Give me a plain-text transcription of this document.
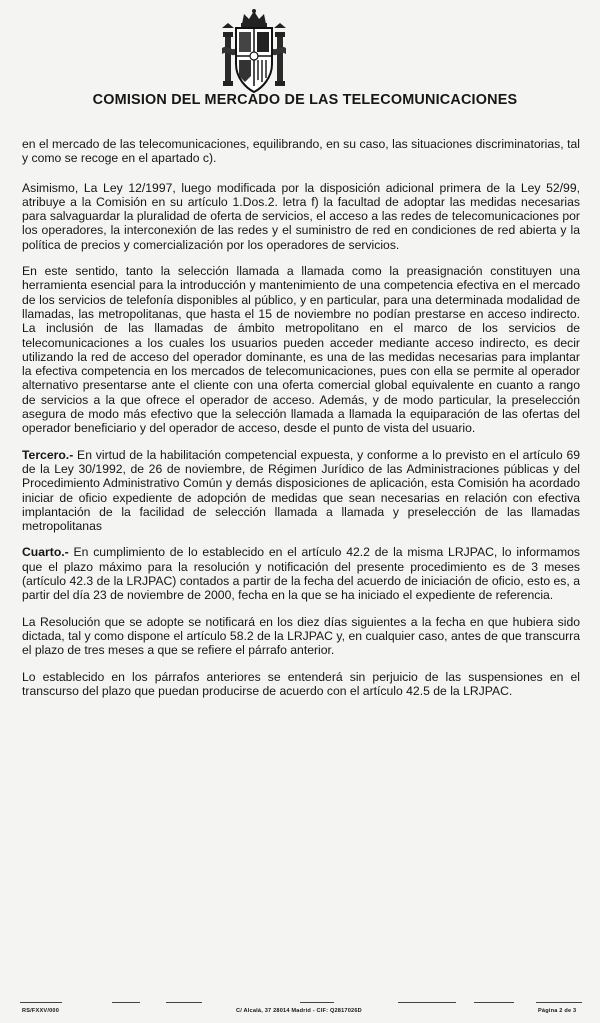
COMISION DEL MERCADO DE LAS TELECOMUNICACIONES

en el mercado de las telecomunicaciones, equilibrando, en su caso, las situaciones discriminatorias, tal y como se recoge en el apartado c).

Asimismo, La Ley 12/1997, luego modificada por la disposición adicional primera de la Ley 52/99, atribuye a la Comisión en su artículo 1.Dos.2. letra f) la facultad de adoptar las medidas necesarias para salvaguardar la pluralidad de oferta de servicios, el acceso a las redes de telecomunicaciones por los operadores, la interconexión de las redes y el suministro de red en condiciones de red abierta y la política de precios y comercialización por los operadores de servicios.

En este sentido, tanto la selección llamada a llamada como la preasignación constituyen una herramienta esencial para la introducción y mantenimiento de una competencia efectiva en el mercado de los servicios de telefonía disponibles al público, y en particular, para una determinada modalidad de llamadas, las metropolitanas, que hasta el 15 de noviembre no podían prestarse en acceso indirecto. La inclusión de las llamadas de ámbito metropolitano en el marco de los servicios de telecomunicaciones a los cuales los usuarios pueden acceder mediante acceso indirecto, es decir utilizando la red de acceso del operador dominante, es una de las medidas necesarias para implantar la efectiva competencia en los mercados de telecomunicaciones, pues con ella se permite al operador alternativo presentarse ante el cliente con una oferta comercial global equivalente en cuanto a rango de servicios a la que ofrece el operador de acceso. Además, y de modo particular, la preselección asegura de modo más efectivo que la selección llamada a llamada la equiparación de las ofertas del operador beneficiario y del operador de acceso, desde el punto de vista del usuario.

Tercero.- En virtud de la habilitación competencial expuesta, y conforme a lo previsto en el artículo 69 de la Ley 30/1992, de 26 de noviembre, de Régimen Jurídico de las Administraciones públicas y del Procedimiento Administrativo Común y demás disposiciones de aplicación, esta Comisión ha acordado iniciar de oficio expediente de adopción de medidas que sean necesarias en relación con efectiva implantación de la facilidad de selección llamada a llamada y preselección de las llamadas metropolitanas

Cuarto.- En cumplimiento de lo establecido en el artículo 42.2 de la misma LRJPAC, lo informamos que el plazo máximo para la resolución y notificación del presente procedimiento es de 3 meses (artículo 42.3 de la LRJPAC) contados a partir de la fecha del acuerdo de iniciación de oficio, esto es, a partir del día 23 de noviembre de 2000, fecha en la que se ha iniciado el expediente de referencia.

La Resolución que se adopte se notificará en los diez días siguientes a la fecha en que hubiera sido dictada, tal y como dispone el artículo 58.2 de la LRJPAC y, en cualquier caso, antes de que transcurra el plazo de tres meses a que se refiere el párrafo anterior.

Lo establecido en los párrafos anteriores se entenderá sin perjuicio de las suspensiones en el transcurso del plazo que puedan producirse de acuerdo con el artículo 42.5 de la LRJPAC.

RS/FXXV/000	C/ Alcalá, 37 28014 Madrid - CIF: Q2817026D	Página 2 de 3
